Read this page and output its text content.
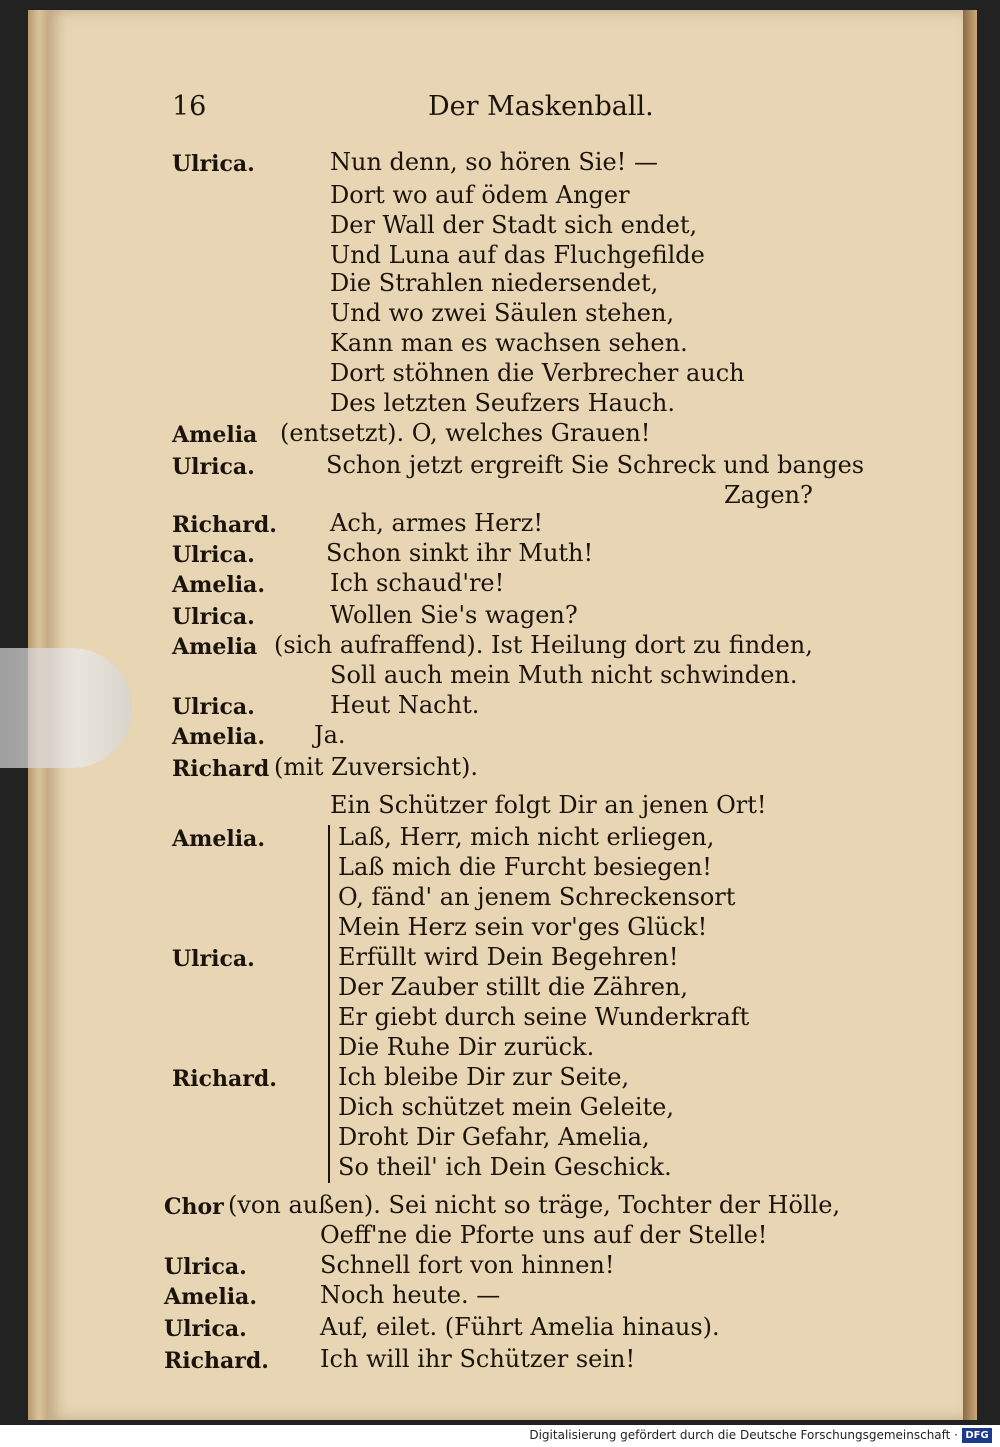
16	Der Maskenball.
Ulrica.	Nun denn, so hören Sie! —
Dort wo auf ödem Anger
Der Wall der Stadt sich endet,
Und Luna auf das Fluchgefilde
Die Strahlen niedersendet,
Und wo zwei Säulen stehen,
Kann man es wachsen sehen.
Dort stöhnen die Verbrecher auch
Des letzten Seufzers Hauch.
Amelia (entsetzt). O, welches Grauen!
Ulrica.	Schon jetzt ergreift Sie Schreck und banges
Zagen?
Richard. Ach, armes Herz!
Ulrica.	Schon sinkt ihr Muth!
Amelia.	Ich schaud're!
Ulrica.	Wollen Sie's wagen?
Amelia (sich aufraffend). Ist Heilung dort zu finden,
Soll auch mein Muth nicht schwinden.
Ulrica.	Heut Nacht.
Amelia. Ja.
Richard (mit Zuversicht).
Ein Schützer folgt Dir an jenen Ort!
Amelia.	Laß, Herr, mich nicht erliegen,
Laß mich die Furcht besiegen!
O, fänd' an jenem Schreckensort
Mein Herz sein vor'ges Glück!
Ulrica.	Erfüllt wird Dein Begehren!
Der Zauber stillt die Zähren,
Er giebt durch seine Wunderkraft
Die Ruhe Dir zurück.
Richard.	Ich bleibe Dir zur Seite,
Dich schützet mein Geleite,
Droht Dir Gefahr, Amelia,
So theil' ich Dein Geschick.
Chor (von außen). Sei nicht so träge, Tochter der Hölle,
Oeff'ne die Pforte uns auf der Stelle!
Ulrica.	Schnell fort von hinnen!
Amelia.	Noch heute. —
Ulrica.	Auf, eilet. (Führt Amelia hinaus).
Richard. Ich will ihr Schützer sein!
Digitalisierung gefördert durch die Deutsche Forschungsgemeinschaft · DFG
